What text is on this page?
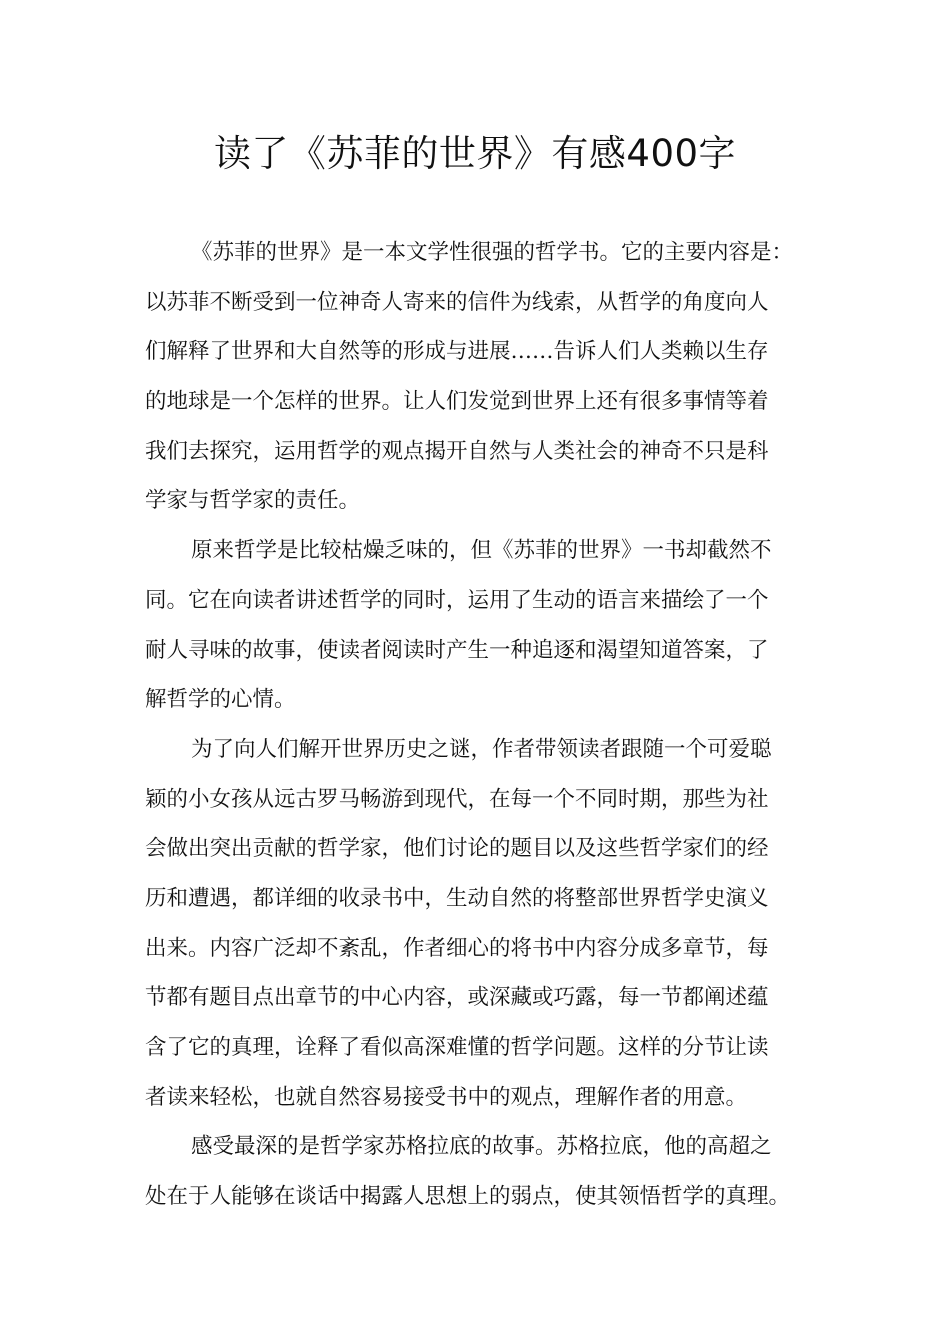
读了《苏菲的世界》有感400字
《苏菲的世界》是一本文学性很强的哲学书。它的主要内容是：
以苏菲不断受到一位神奇人寄来的信件为线索，从哲学的角度向人
们解释了世界和大自然等的形成与进展……告诉人们人类赖以生存
的地球是一个怎样的世界。让人们发觉到世界上还有很多事情等着
我们去探究，运用哲学的观点揭开自然与人类社会的神奇不只是科
学家与哲学家的责任。
原来哲学是比较枯燥乏味的，但《苏菲的世界》一书却截然不
同。它在向读者讲述哲学的同时，运用了生动的语言来描绘了一个
耐人寻味的故事，使读者阅读时产生一种追逐和渴望知道答案，了
解哲学的心情。
为了向人们解开世界历史之谜，作者带领读者跟随一个可爱聪
颖的小女孩从远古罗马畅游到现代，在每一个不同时期，那些为社
会做出突出贡献的哲学家，他们讨论的题目以及这些哲学家们的经
历和遭遇，都详细的收录书中，生动自然的将整部世界哲学史演义
出来。内容广泛却不紊乱，作者细心的将书中内容分成多章节，每
节都有题目点出章节的中心内容，或深藏或巧露，每一节都阐述蕴
含了它的真理，诠释了看似高深难懂的哲学问题。这样的分节让读
者读来轻松，也就自然容易接受书中的观点，理解作者的用意。
感受最深的是哲学家苏格拉底的故事。苏格拉底，他的高超之
处在于人能够在谈话中揭露人思想上的弱点，使其领悟哲学的真理。
